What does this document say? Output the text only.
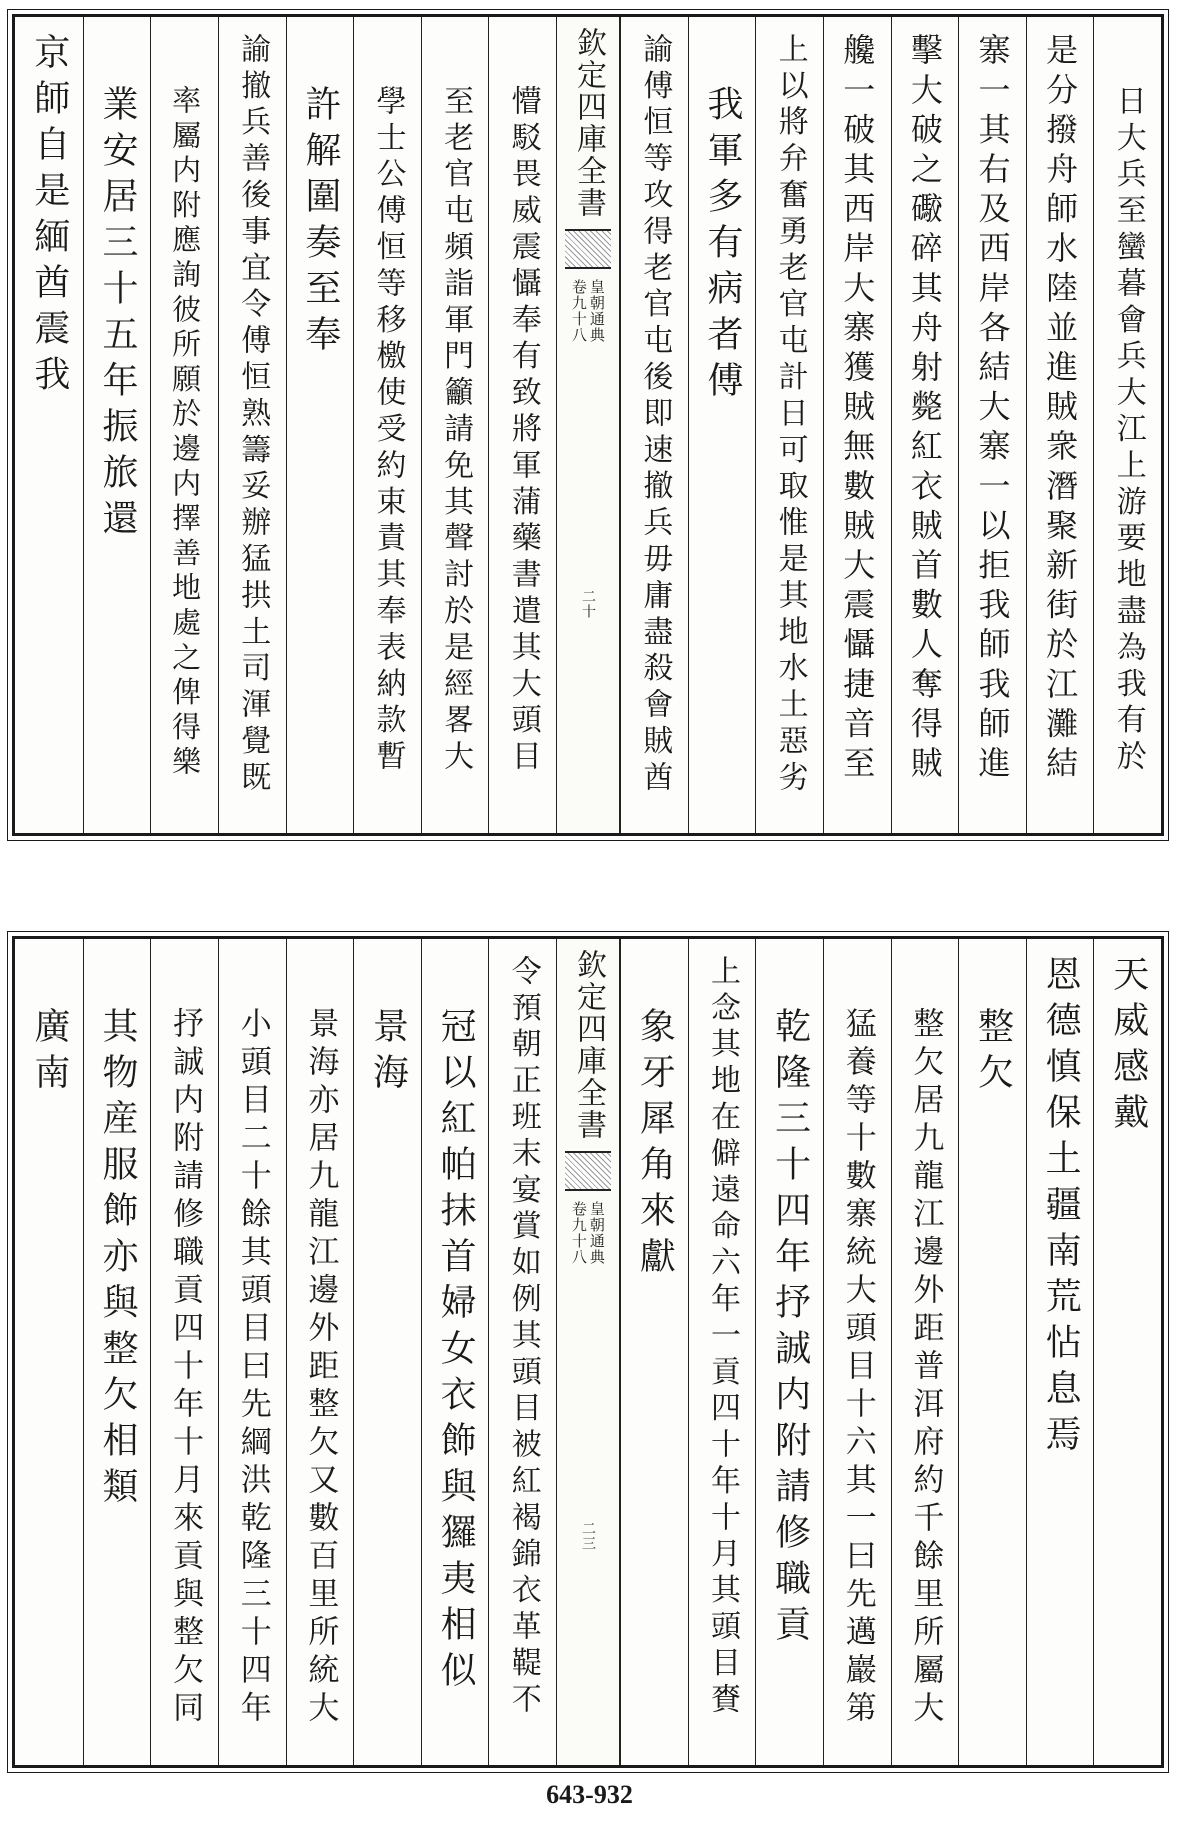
日大兵至蠻暮會兵大江上游要地盡為我有於
是分撥舟師水陸並進賊衆潛聚新街於江灘結
寨一其右及西岸各結大寨一以拒我師我師進
擊大破之礮碎其舟射斃紅衣賊首數人奪得賊
艬一破其西岸大寨獲賊無數賊大震懾捷音至
上以將弁奮勇老官屯計日可取惟是其地水土惡劣
我軍多有病者傅
諭傅恒等攻得老官屯後即速撤兵毋庸盡殺會賊酋
欽定四庫全書
皇朝通典
卷九十八
二十
懵駁畏威震懾奉有致將軍蒲藥書遣其大頭目
至老官屯頻詣軍門籲請免其聲討於是經畧大
學士公傅恒等移檄使受約束責其奉表納款暫
許解圍奏至奉
諭撤兵善後事宜令傅恒熟籌妥辦猛拱土司渾覺既
率屬内附應詢彼所願於邊内擇善地處之俾得樂
業安居三十五年振旅還
京師自是緬酋震我
天威感戴
恩德慎保土疆南荒怗息焉
整欠
整欠居九龍江邊外距普洱府約千餘里所屬大
猛養等十數寨統大頭目十六其一曰先邁巖第
乾隆三十四年抒誠内附請修職貢
上念其地在僻遠命六年一貢四十年十月其頭目賚
象牙犀角來獻
欽定四庫全書
皇朝通典
卷九十八
二三
令預朝正班末宴賞如例其頭目被紅褐錦衣革鞮不
冠以紅帕抹首婦女衣飾與玀夷相似
景海
景海亦居九龍江邊外距整欠又數百里所統大
小頭目二十餘其頭目曰先綱洪乾隆三十四年
抒誠内附請修職貢四十年十月來貢與整欠同
其物産服飾亦與整欠相類
廣南
643-932
